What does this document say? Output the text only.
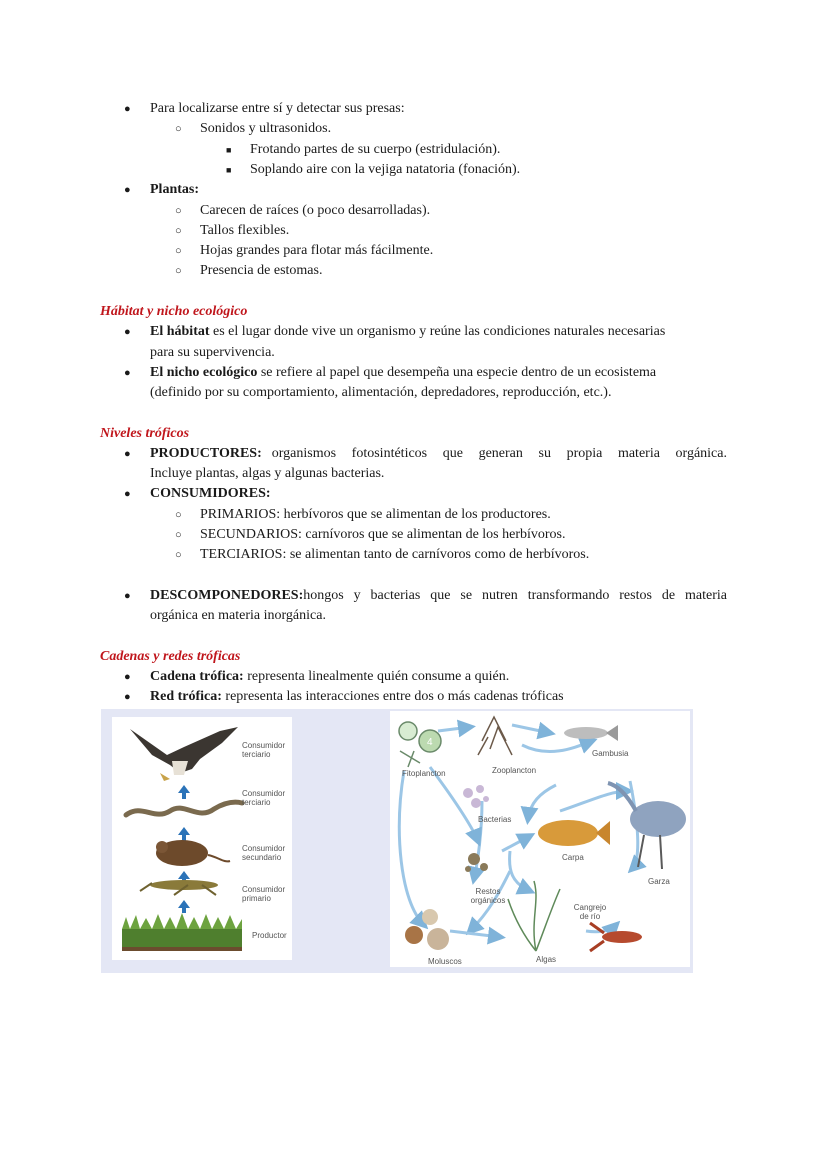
● Para localizarse entre sí y detectar sus presas:
○ Sonidos y ultrasonidos.
■ Frotando partes de su cuerpo (estridulación).
■ Soplando aire con la vejiga natatoria (fonación).
● Plantas:
○ Carecen de raíces (o poco desarrolladas).
○ Tallos flexibles.
○ Hojas grandes para flotar más fácilmente.
○ Presencia de estomas.
Hábitat y nicho ecológico
● El hábitat es el lugar donde vive un organismo y reúne las condiciones naturales necesarias
para su supervivencia.
● El nicho ecológico se refiere al papel que desempeña una especie dentro de un ecosistema
(definido por su comportamiento, alimentación, depredadores, reproducción, etc.).
Niveles tróficos
● PRODUCTORES: organismos fotosintéticos que generan su propia materia orgánica.
Incluye plantas, algas y algunas bacterias.
● CONSUMIDORES:
○ PRIMARIOS: herbívoros que se alimentan de los productores.
○ SECUNDARIOS: carnívoros que se alimentan de los herbívoros.
○ TERCIARIOS: se alimentan tanto de carnívoros como de herbívoros.
● DESCOMPONEDORES: hongos y bacterias que se nutren transformando restos de materia
orgánica en materia inorgánica.
Cadenas y redes tróficas
● Cadena trófica: representa linealmente quién consume a quién.
● Red trófica: representa las interacciones entre dos o más cadenas tróficas
Consumidor terciario
Consumidor terciario
Consumidor secundario
Consumidor primario
Productor
4
Fitoplancton	Zooplancton
Gambusia
Bacterias
Carpa
Garza
Restos orgánicos
Cangrejo de río
Moluscos	Algas
